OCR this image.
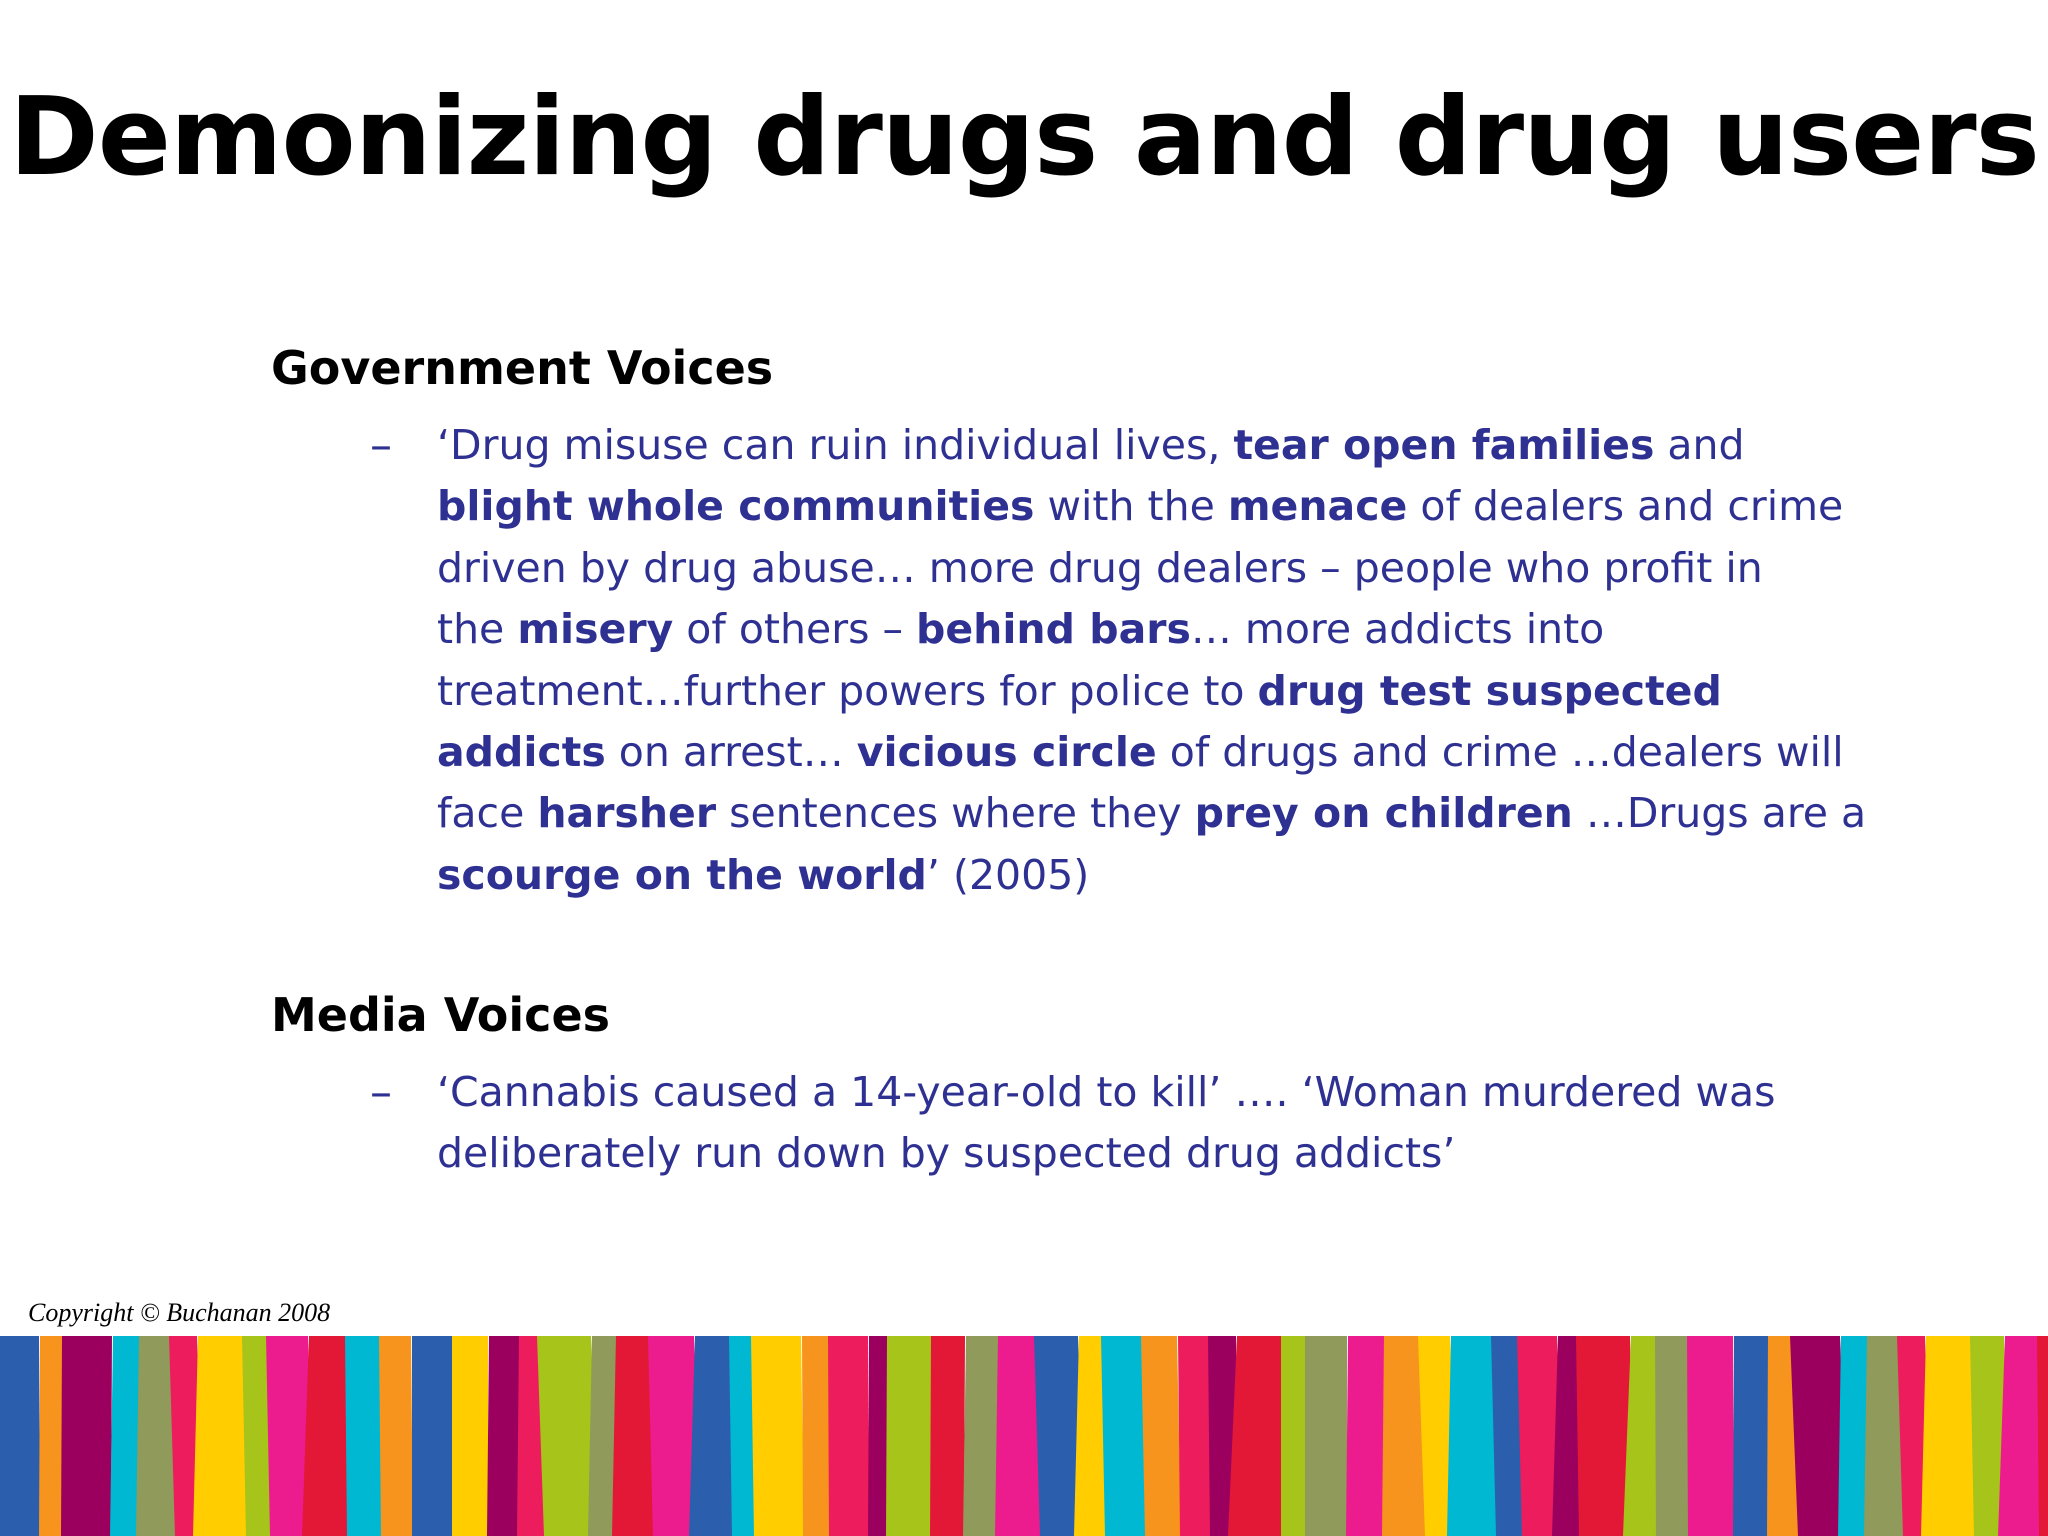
Demonizing drugs and drug users
Government Voices
– ‘Drug misuse can ruin individual lives, tear open families and
blight whole communities with the menace of dealers and crime
driven by drug abuse… more drug dealers – people who profit in
the misery of others – behind bars… more addicts into
treatment…further powers for police to drug test suspected
addicts on arrest… vicious circle of drugs and crime …dealers will
face harsher sentences where they prey on children …Drugs are a
scourge on the world’ (2005)
Media Voices
– ‘Cannabis caused a 14-year-old to kill’ …. ‘Woman murdered was
deliberately run down by suspected drug addicts’
Copyright © Buchanan 2008
